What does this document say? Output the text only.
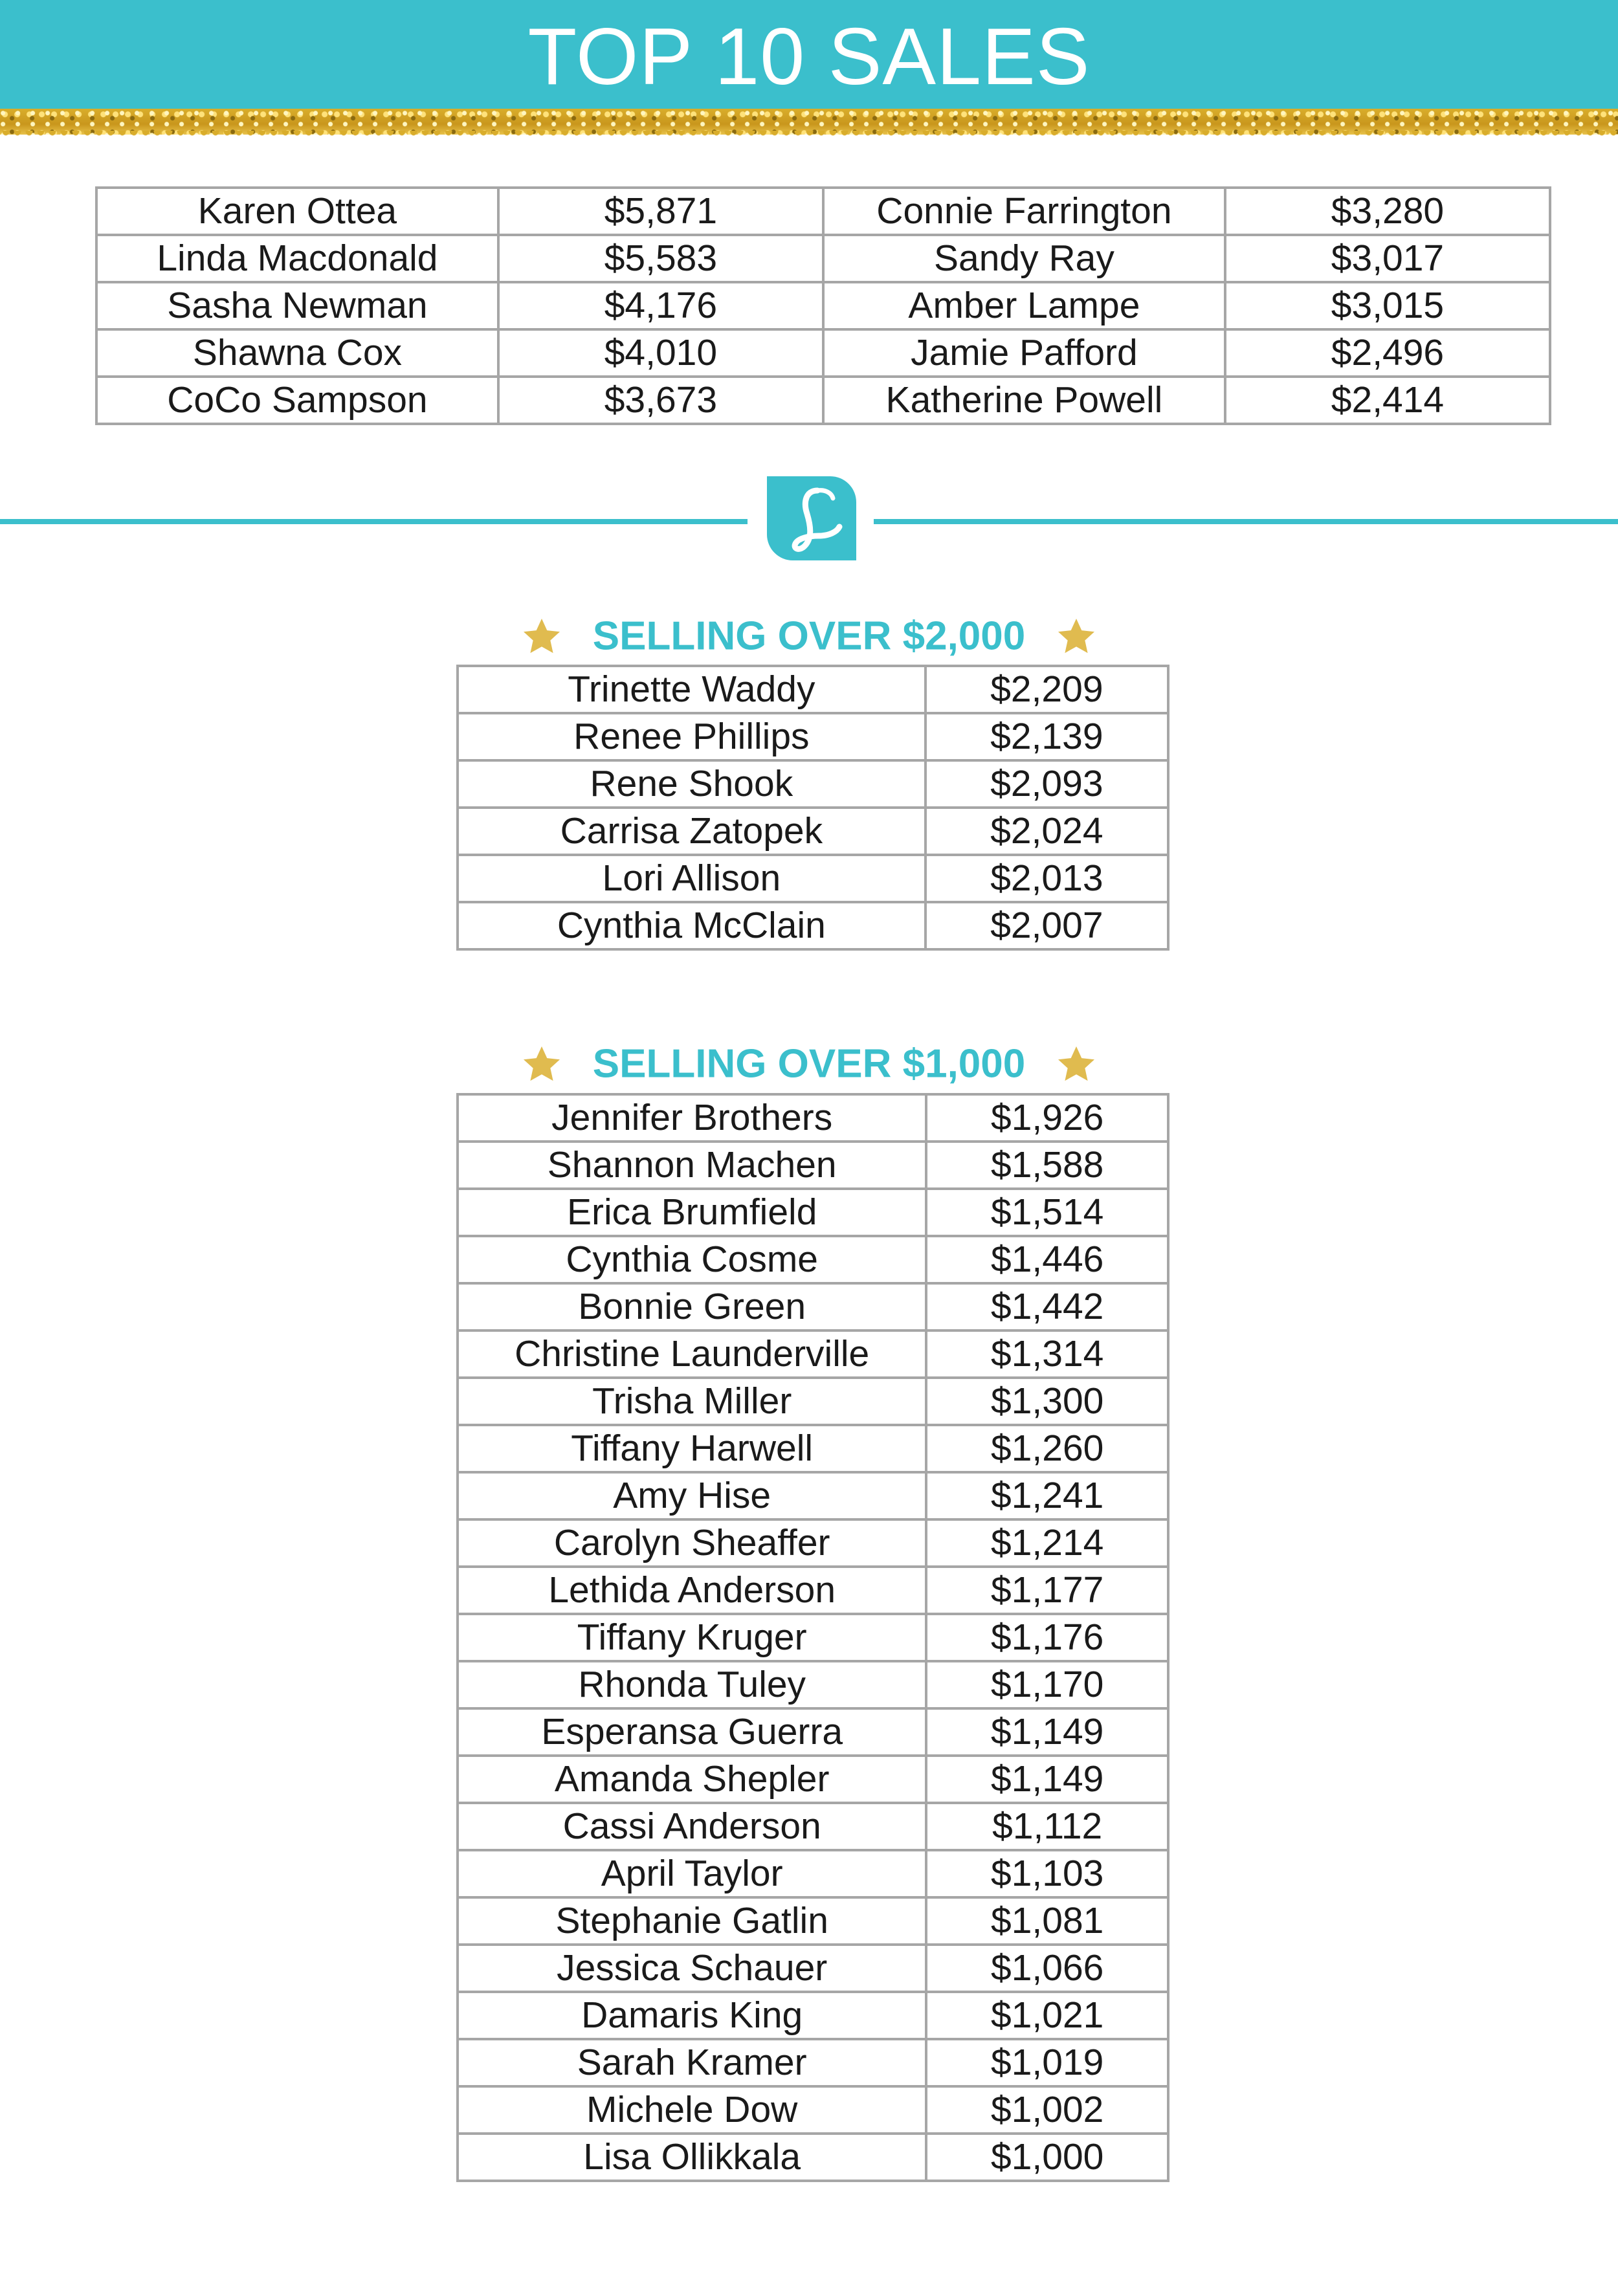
TOP 10 SALES
Karen Ottea	$5,871	Connie Farrington	$3,280
Linda Macdonald	$5,583	Sandy Ray	$3,017
Sasha Newman	$4,176	Amber Lampe	$3,015
Shawna Cox	$4,010	Jamie Pafford	$2,496
CoCo Sampson	$3,673	Katherine Powell	$2,414
SELLING OVER $2,000
Trinette Waddy	$2,209
Renee Phillips	$2,139
Rene Shook	$2,093
Carrisa Zatopek	$2,024
Lori Allison	$2,013
Cynthia McClain	$2,007
SELLING OVER $1,000
Jennifer Brothers	$1,926
Shannon Machen	$1,588
Erica Brumfield	$1,514
Cynthia Cosme	$1,446
Bonnie Green	$1,442
Christine Launderville	$1,314
Trisha Miller	$1,300
Tiffany Harwell	$1,260
Amy Hise	$1,241
Carolyn Sheaffer	$1,214
Lethida Anderson	$1,177
Tiffany Kruger	$1,176
Rhonda Tuley	$1,170
Esperansa Guerra	$1,149
Amanda Shepler	$1,149
Cassi Anderson	$1,112
April Taylor	$1,103
Stephanie Gatlin	$1,081
Jessica Schauer	$1,066
Damaris King	$1,021
Sarah Kramer	$1,019
Michele Dow	$1,002
Lisa Ollikkala	$1,000
